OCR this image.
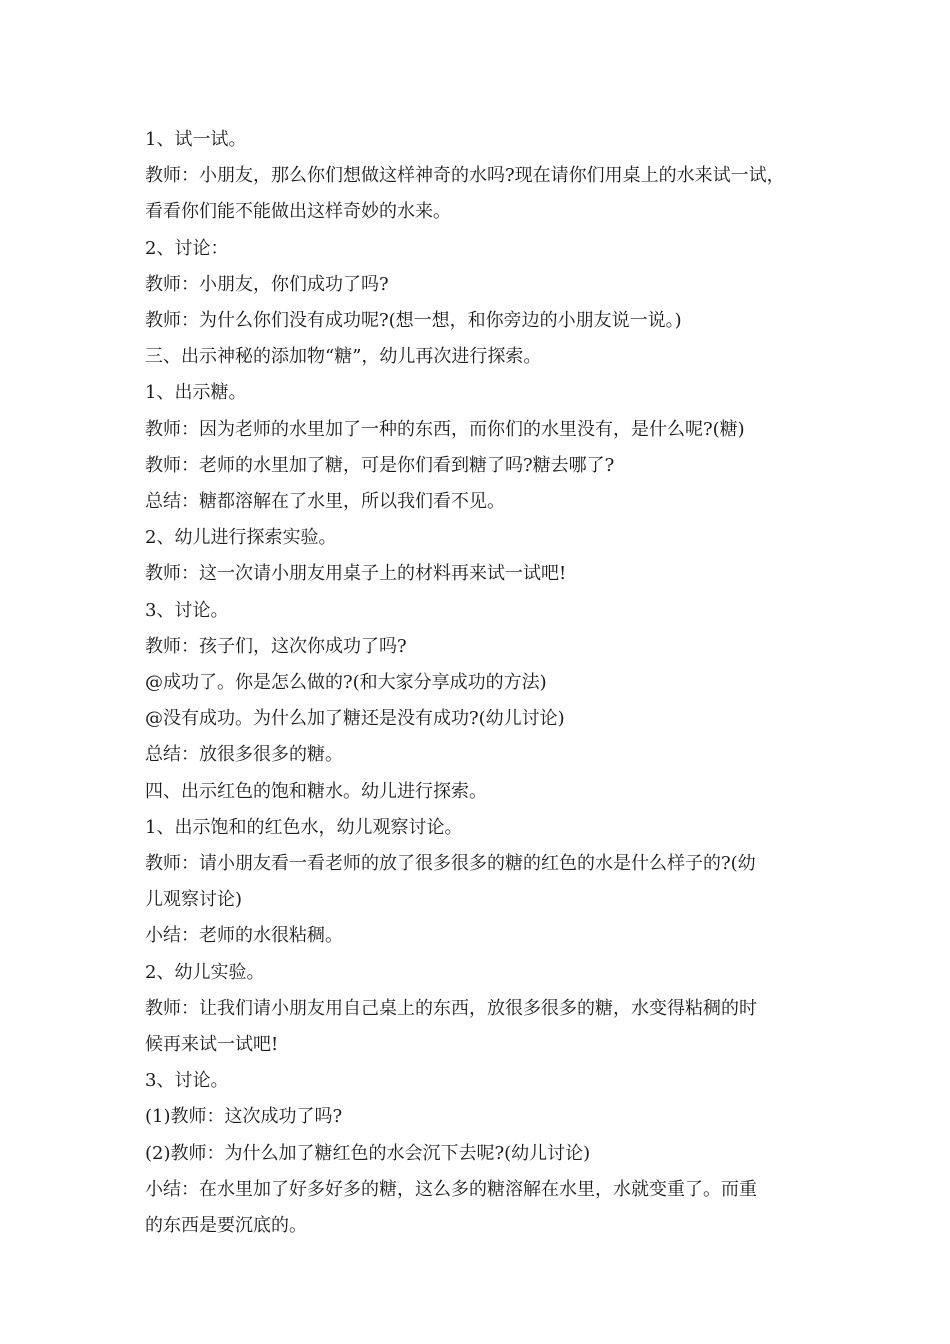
1、试一试。

教师：小朋友，那么你们想做这样神奇的水吗?现在请你们用桌上的水来试一试，

看看你们能不能做出这样奇妙的水来。

2、讨论：

教师：小朋友，你们成功了吗?

教师：为什么你们没有成功呢?(想一想，和你旁边的小朋友说一说。)

三、出示神秘的添加物“糖”，幼儿再次进行探索。

1、出示糖。

教师：因为老师的水里加了一种的东西，而你们的水里没有，是什么呢?(糖)

教师：老师的水里加了糖，可是你们看到糖了吗?糖去哪了?

总结：糖都溶解在了水里，所以我们看不见。

2、幼儿进行探索实验。

教师：这一次请小朋友用桌子上的材料再来试一试吧!

3、讨论。

教师：孩子们，这次你成功了吗?

@成功了。你是怎么做的?(和大家分享成功的方法)

@没有成功。为什么加了糖还是没有成功?(幼儿讨论)

总结：放很多很多的糖。

四、出示红色的饱和糖水。幼儿进行探索。

1、出示饱和的红色水，幼儿观察讨论。

教师：请小朋友看一看老师的放了很多很多的糖的红色的水是什么样子的?(幼

儿观察讨论)

小结：老师的水很粘稠。

2、幼儿实验。

教师：让我们请小朋友用自己桌上的东西，放很多很多的糖，水变得粘稠的时

候再来试一试吧!

3、讨论。

(1)教师：这次成功了吗?

(2)教师：为什么加了糖红色的水会沉下去呢?(幼儿讨论)

小结：在水里加了好多好多的糖，这么多的糖溶解在水里，水就变重了。而重

的东西是要沉底的。
